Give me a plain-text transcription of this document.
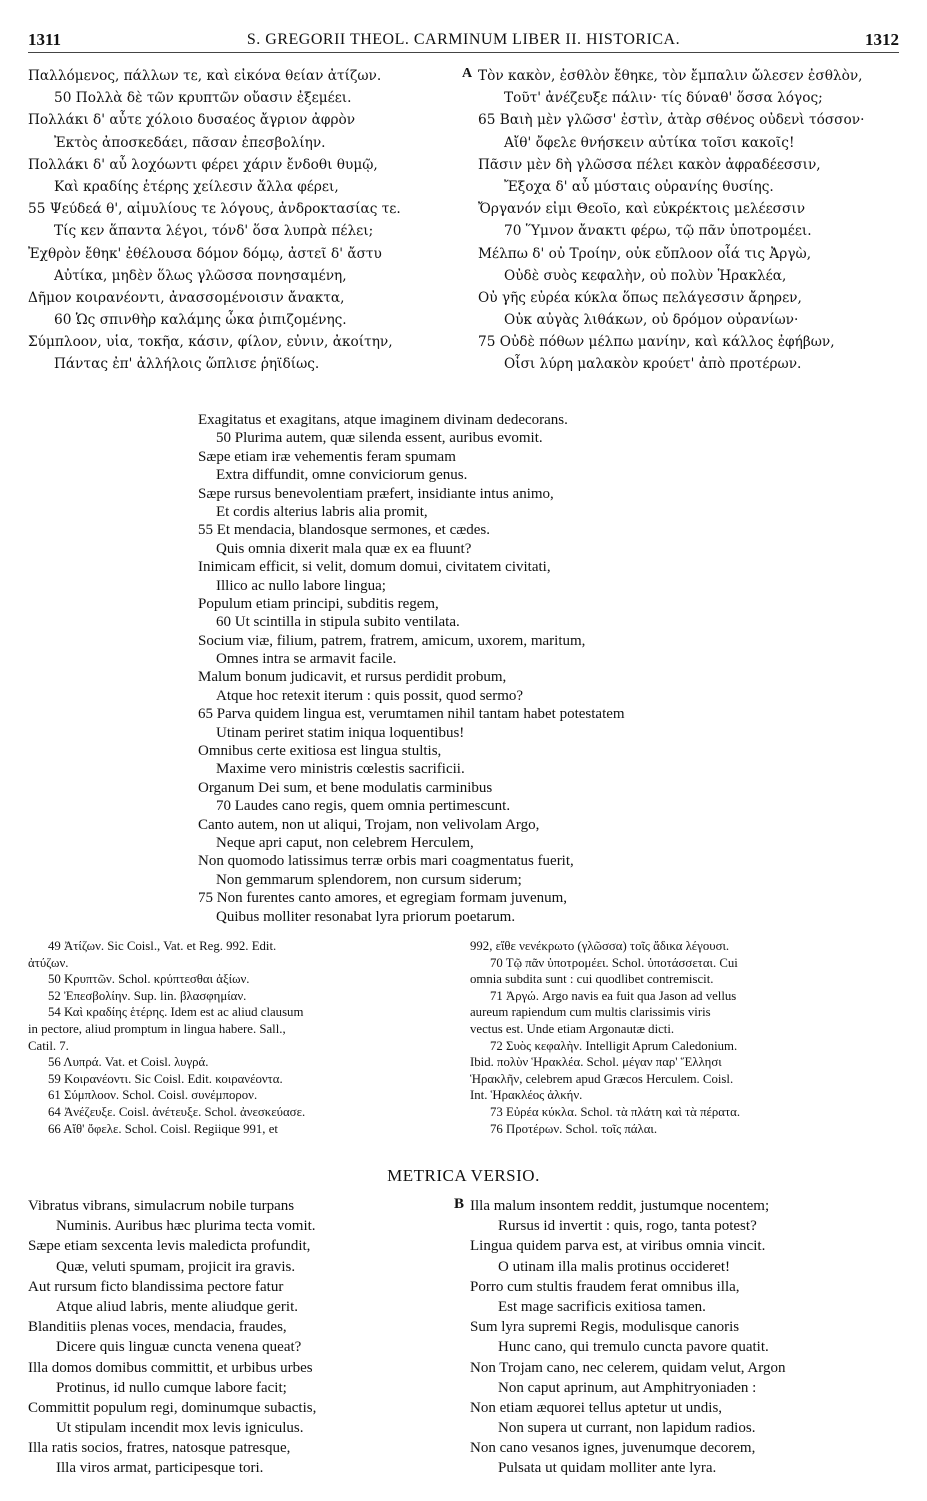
1311	S. GREGORII THEOL. CARMINUM LIBER II. HISTORICA.	1312
Παλλόμενος, πάλλων τε, καὶ εἰκόνα θείαν ἀτίζων.
50 Πολλὰ δὲ τῶν κρυπτῶν οὔασιν ἐξεμέει.
Πολλάκι δ' αὖτε χόλοιο δυσαέος ἄγριον ἀφρὸν
Ἐκτὸς ἀποσκεδάει, πᾶσαν ἐπεσβολίην.
Πολλάκι δ' αὖ λοχόωντι φέρει χάριν ἔνδοθι θυμῷ,
Καὶ κραδίης ἑτέρης χείλεσιν ἄλλα φέρει,
55 Ψεύδεά θ', αἱμυλίους τε λόγους, ἀνδροκτασίας τε.
Τίς κεν ἅπαντα λέγοι, τόνδ' ὅσα λυπρὰ πέλει;
Ἐχθρὸν ἔθηκ' ἐθέλουσα δόμον δόμῳ, ἀστεῖ δ' ἄστυ
Αὐτίκα, μηδὲν ὅλως γλῶσσα πονησαμένη,
Δῆμον κοιρανέοντι, ἀνασσομένοισιν ἄνακτα,
60 Ὡς σπινθὴρ καλάμης ὦκα ῥιπιζομένης.
Σύμπλοον, υἱα, τοκῆα, κάσιν, φίλον, εὐνιν, ἀκοίτην,
Πάντας ἐπ' ἀλλήλοις ὥπλισε ῥηϊδίως.
A Τὸν κακὸν, ἐσθλὸν ἔθηκε, τὸν ἔμπαλιν ὤλεσεν ἐσθλὸν,
Τοῦτ' ἀνέζευξε πάλιν· τίς δύναθ' ὅσσα λόγος;
65 Βαιὴ μὲν γλῶσσ' ἐστὶν, ἀτὰρ σθένος οὐδενὶ τόσσον·
Αἴθ' ὄφελε θνήσκειν αὐτίκα τοῖσι κακοῖς!
Πᾶσιν μὲν δὴ γλῶσσα πέλει κακὸν ἀφραδέεσσιν,
Ἔξοχα δ' αὖ μύσταις οὐρανίης θυσίης.
Ὄργανόν εἰμι Θεοῖο, καὶ εὐκρέκτοις μελέεσσιν
70 Ὕμνον ἄνακτι φέρω, τῷ πᾶν ὑποτρομέει.
Μέλπω δ' οὐ Τροίην, οὐκ εὔπλοον οἷά τις Ἀργὼ,
Οὐδὲ συὸς κεφαλὴν, οὐ πολὺν Ἡρακλέα,
Οὐ γῆς εὐρέα κύκλα ὅπως πελάγεσσιν ἄρηρεν,
Οὐκ αὐγὰς λιθάκων, οὐ δρόμον οὐρανίων·
75 Οὐδὲ πόθων μέλπω μανίην, καὶ κάλλος ἐφήβων,
Οἷσι λύρη μαλακὸν κρούετ' ἀπὸ προτέρων.
Exagitatus et exagitans, atque imaginem divinam dedecorans.
50 Plurima autem, quæ silenda essent, auribus evomit.
Sæpe etiam iræ vehementis feram spumam
Extra diffundit, omne conviciorum genus.
Sæpe rursus benevolentiam præfert, insidiante intus animo,
Et cordis alterius labris alia promit,
55 Et mendacia, blandosque sermones, et cædes.
Quis omnia dixerit mala quæ ex ea fluunt?
Inimicam efficit, si velit, domum domui, civitatem civitati,
Illico ac nullo labore lingua;
Populum etiam principi, subditis regem,
60 Ut scintilla in stipula subito ventilata.
Socium viæ, filium, patrem, fratrem, amicum, uxorem, maritum,
Omnes intra se armavit facile.
Malum bonum judicavit, et rursus perdidit probum,
Atque hoc retexit iterum : quis possit, quod sermo?
65 Parva quidem lingua est, verumtamen nihil tantam habet potestatem
Utinam periret statim iniqua loquentibus!
Omnibus certe exitiosa est lingua stultis,
Maxime vero ministris cœlestis sacrificii.
Organum Dei sum, et bene modulatis carminibus
70 Laudes cano regis, quem omnia pertimescunt.
Canto autem, non ut aliqui, Trojam, non velivolam Argo,
Neque apri caput, non celebrem Herculem,
Non quomodo latissimus terræ orbis mari coagmentatus fuerit,
Non gemmarum splendorem, non cursum siderum;
75 Non furentes canto amores, et egregiam formam juvenum,
Quibus molliter resonabat lyra priorum poetarum.
49 Ἀτίζων. Sic Coisl., Vat. et Reg. 992. Edit.
ἀτύζων.
50 Κρυπτῶν. Schol. κρύπτεσθαι ἀξίων.
52 Ἐπεσβολίην. Sup. lin. βλασφημίαν.
54 Καὶ κραδίης ἑτέρης. Idem est ac aliud clausum
in pectore, aliud promptum in lingua habere. Sall.,
Catil. 7.
56 Λυπρά. Vat. et Coisl. λυγρά.
59 Κοιρανέοντι. Sic Coisl. Edit. κοιρανέοντα.
61 Σύμπλοον. Schol. Coisl. συνέμπορον.
64 Ἀνέζευξε. Coisl. ἀνέτευξε. Schol. ἀνεσκεύασε.
66 Αἴθ' ὄφελε. Schol. Coisl. Regiique 991, et
992, εἴθε νενέκρωτο (γλῶσσα) τοῖς ἄδικα λέγουσι.
70 Τῷ πᾶν ὑποτρομέει. Schol. ὑποτάσσεται. Cui
omnia subdita sunt : cui quodlibet contremiscit.
71 Ἀργώ. Argo navis ea fuit qua Jason ad vellus
aureum rapiendum cum multis clarissimis viris
vectus est. Unde etiam Argonautæ dicti.
72 Συὸς κεφαλὴν. Intelligit Aprum Caledonium.
Ibid. πολὺν Ἡρακλέα. Schol. μέγαν παρ' Ἕλλησι
Ἡρακλῆν, celebrem apud Græcos Herculem. Coisl.
Int. Ἡρακλέος ἀλκήν.
73 Εὐρέα κύκλα. Schol. τὰ πλάτη καὶ τὰ πέρατα.
76 Προτέρων. Schol. τοῖς πάλαι.
METRICA VERSIO.
Vibratus vibrans, simulacrum nobile turpans
Numinis. Auribus hæc plurima tecta vomit.
Sæpe etiam sexcenta levis maledicta profundit,
Quæ, veluti spumam, projicit ira gravis.
Aut rursum ficto blandissima pectore fatur
Atque aliud labris, mente aliudque gerit.
Blanditiis plenas voces, mendacia, fraudes,
Dicere quis linguæ cuncta venena queat?
Illa domos domibus committit, et urbibus urbes
Protinus, id nullo cumque labore facit;
Committit populum regi, dominumque subactis,
Ut stipulam incendit mox levis igniculus.
Illa ratis socios, fratres, natosque patresque,
Illa viros armat, participesque tori.
B Illa malum insontem reddit, justumque nocentem;
Rursus id invertit : quis, rogo, tanta potest?
Lingua quidem parva est, at viribus omnia vincit.
O utinam illa malis protinus occideret!
Porro cum stultis fraudem ferat omnibus illa,
Est mage sacrificis exitiosa tamen.
Sum lyra supremi Regis, modulisque canoris
Hunc cano, qui tremulo cuncta pavore quatit.
Non Trojam cano, nec celerem, quidam velut, Argon
Non caput aprinum, aut Amphitryoniaden :
Non etiam æquorei tellus aptetur ut undis,
Non supera ut currant, non lapidum radios.
Non cano vesanos ignes, juvenumque decorem,
Pulsata ut quidam molliter ante lyra.
